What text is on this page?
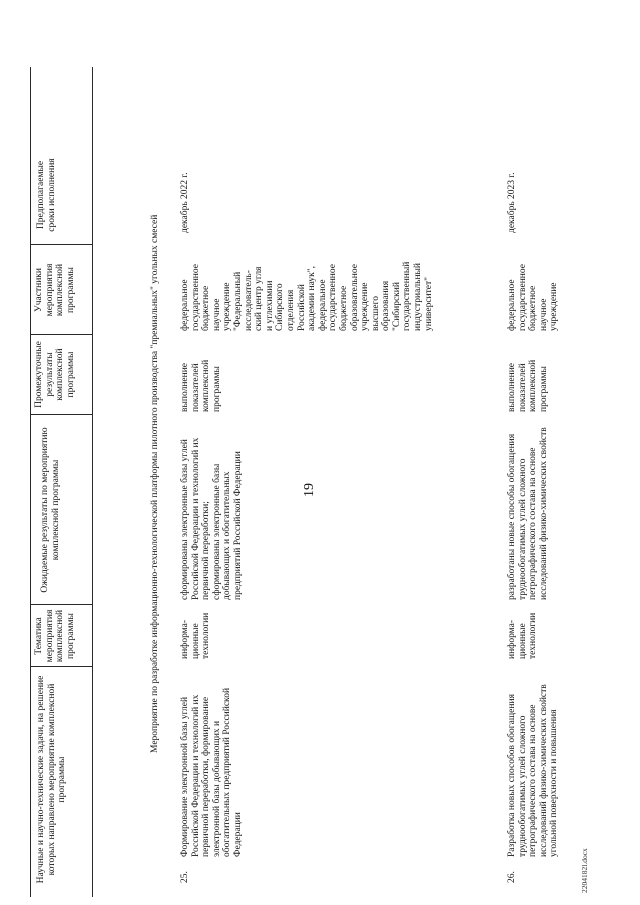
Научные и научно-технические задачи, на решение которых направлено мероприятие комплексной программы
Тематика мероприятия комплексной программы
Ожидаемые результаты по мероприятию комплексной программы
Промежуточные результаты комплексной программы
Участники мероприятия комплексной программы
Предполагаемые сроки исполнения
Мероприятие по разработке информационно-технологической платформы пилотного производства "премиальных" угольных смесей
25.
Формирование электронной базы углей Российской Федерации и технологий их первичной переработки, формирование электронной базы добывающих и обогатительных предприятий Российской Федерации
информа-
ционные
технологии
сформированы электронные базы углей Российской Федерации и технологий их первичной переработки;
сформированы электронные базы добывающих и обогатительных предприятий Российской Федерации
выполнение показателей комплексной программы
федеральное
государственное
бюджетное
научное
учреждение
"Федеральный
исследователь-
ский центр угля
и углехимии
Сибирского
отделения
Российской
академии наук",
федеральное
государственное
бюджетное
образовательное
учреждение
высшего
образования
"Сибирский
государственный
индустриальный
университет"
декабрь 2022 г.
26.
Разработка новых способов обогащения труднообогатимых углей сложного петрографического состава на основе исследований физико-химических свойств угольной поверхности и повышения
информа-
ционные
технологии
разработаны новые способы обогащения труднообогатимых углей сложного петрографического состава на основе исследований физико-химических свойств
выполнение показателей комплексной программы
федеральное
государственное
бюджетное
научное
учреждение
декабрь 2023 г.
19
2204182l.docx
